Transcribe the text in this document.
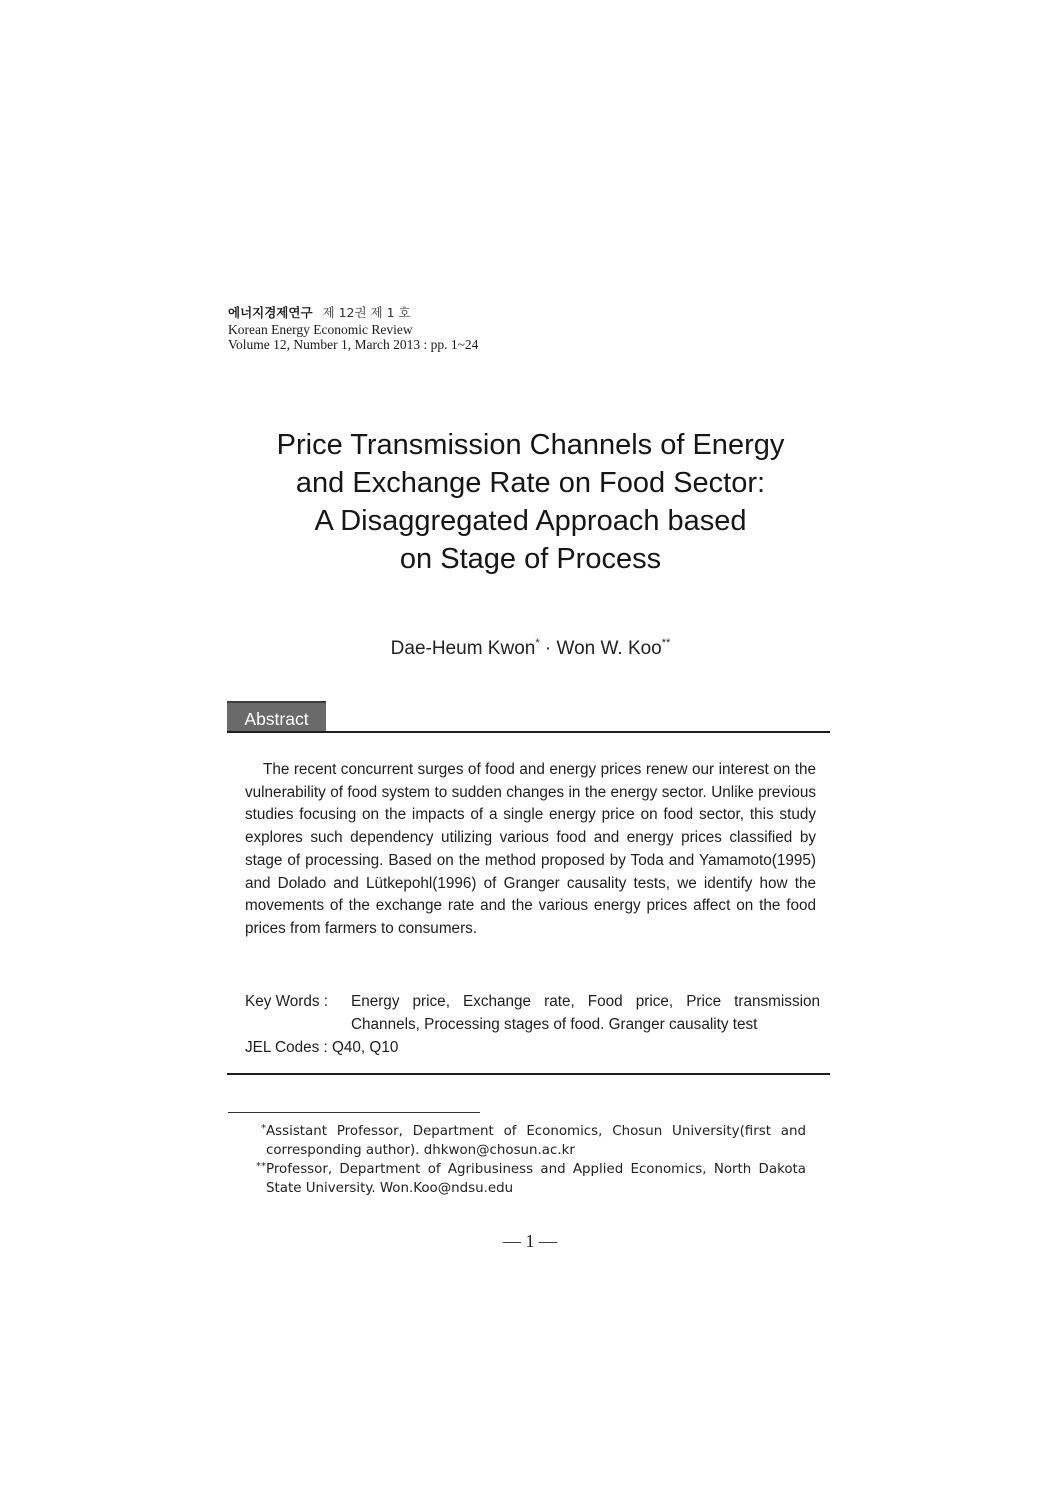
에너지경제연구 제 12권 제 1 호
Korean Energy Economic Review
Volume 12, Number 1, March 2013 : pp. 1~24
Price Transmission Channels of Energy
and Exchange Rate on Food Sector:
A Disaggregated Approach based
on Stage of Process
Dae-Heum Kwon* · Won W. Koo**
Abstract

The recent concurrent surges of food and energy prices renew our interest on the vulnerability of food system to sudden changes in the energy sector. Unlike previous studies focusing on the impacts of a single energy price on food sector, this study explores such dependency utilizing various food and energy prices classified by stage of processing. Based on the method proposed by Toda and Yamamoto(1995) and Dolado and Lütkepohl(1996) of Granger causality tests, we identify how the movements of the exchange rate and the various energy prices affect on the food prices from farmers to consumers.

Key Words :	Energy price, Exchange rate, Food price, Price transmission Channels, Processing stages of food. Granger causality test
JEL Codes : Q40, Q10
* Assistant Professor, Department of Economics, Chosun University(first and corresponding author). dhkwon@chosun.ac.kr
** Professor, Department of Agribusiness and Applied Economics, North Dakota State University. Won.Koo@ndsu.edu
— 1 —
